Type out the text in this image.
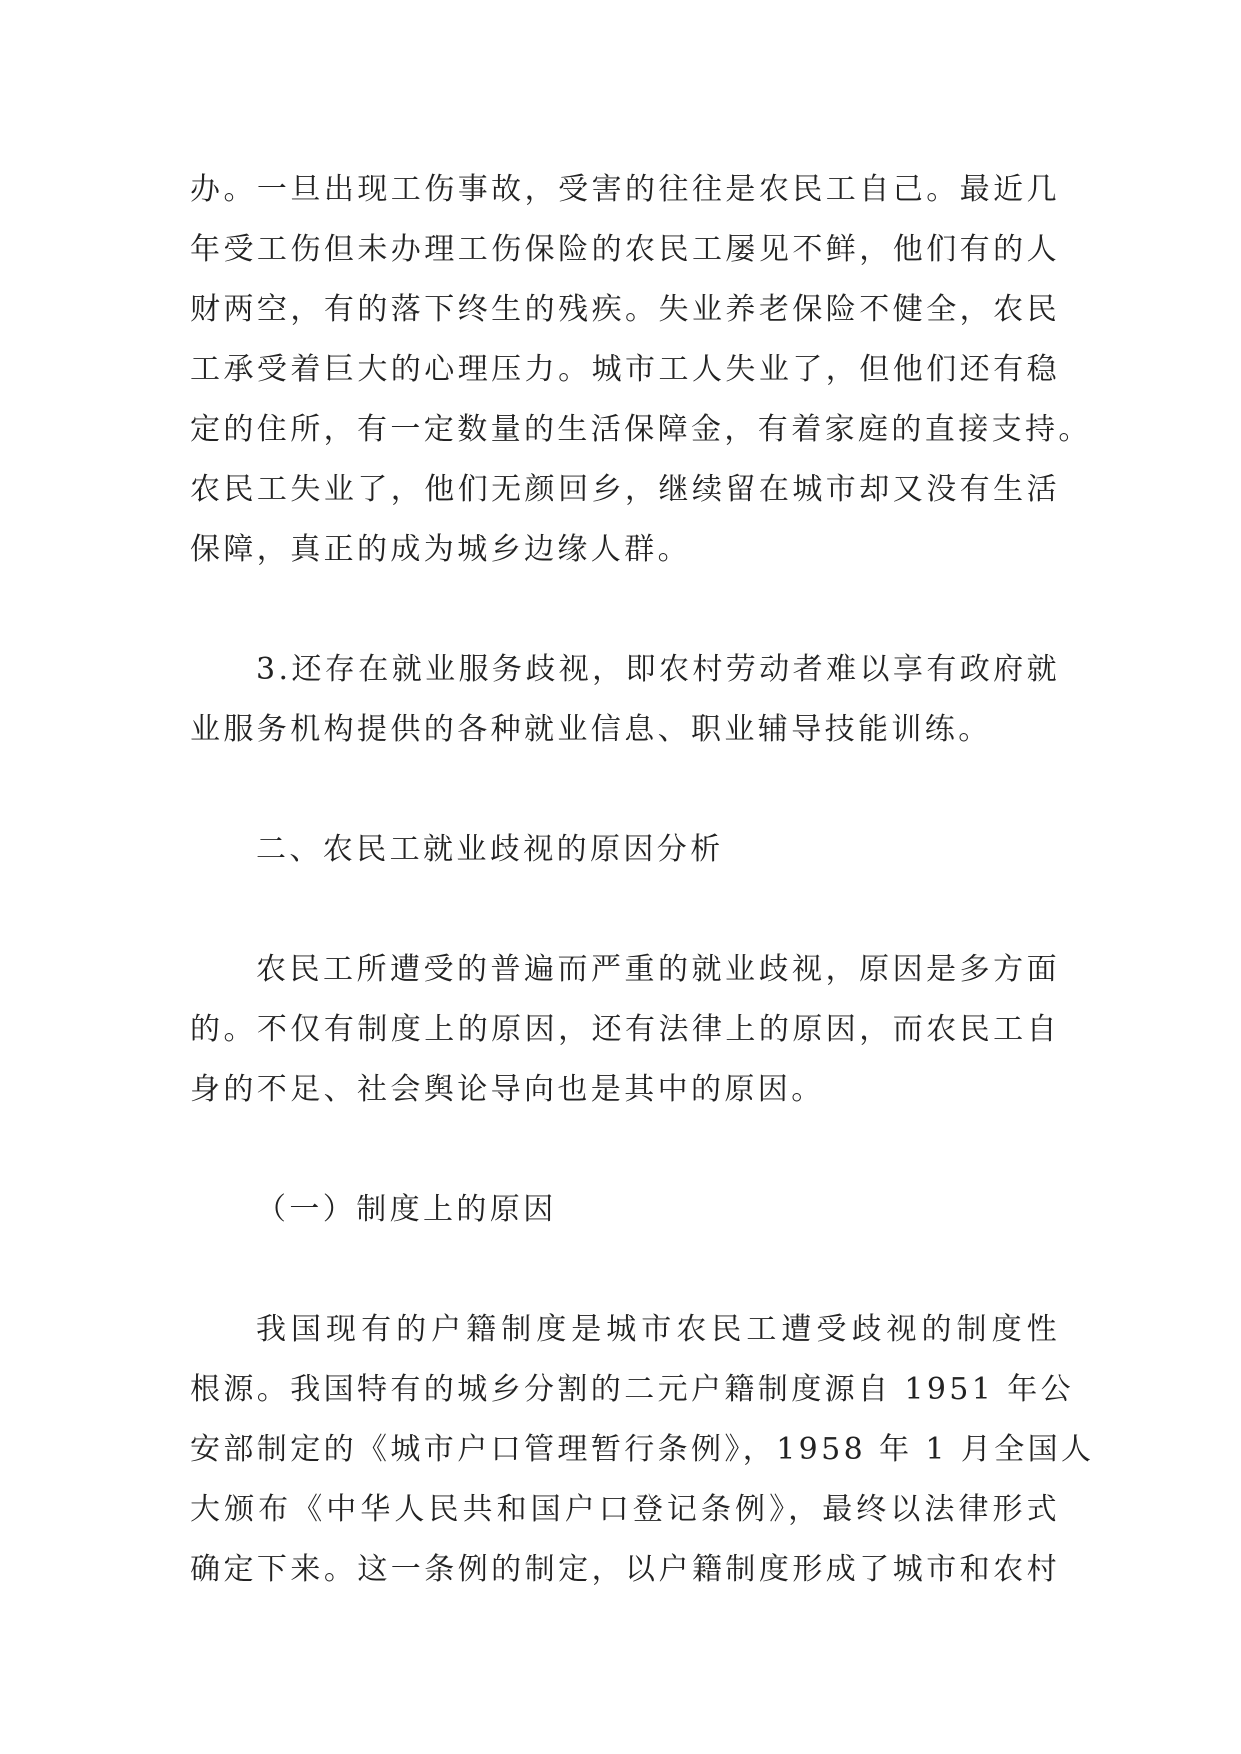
办。一旦出现工伤事故，受害的往往是农民工自己。最近几
年受工伤但未办理工伤保险的农民工屡见不鲜，他们有的人
财两空，有的落下终生的残疾。失业养老保险不健全，农民
工承受着巨大的心理压力。城市工人失业了，但他们还有稳
定的住所，有一定数量的生活保障金，有着家庭的直接支持。
农民工失业了，他们无颜回乡，继续留在城市却又没有生活
保障，真正的成为城乡边缘人群。
3.还存在就业服务歧视，即农村劳动者难以享有政府就
业服务机构提供的各种就业信息、职业辅导技能训练。
二、农民工就业歧视的原因分析
农民工所遭受的普遍而严重的就业歧视，原因是多方面
的。不仅有制度上的原因，还有法律上的原因，而农民工自
身的不足、社会舆论导向也是其中的原因。
（一）制度上的原因
我国现有的户籍制度是城市农民工遭受歧视的制度性
根源。我国特有的城乡分割的二元户籍制度源自 1951 年公
安部制定的《城市户口管理暂行条例》，1958 年 1 月全国人
大颁布《中华人民共和国户口登记条例》，最终以法律形式
确定下来。这一条例的制定，以户籍制度形成了城市和农村
